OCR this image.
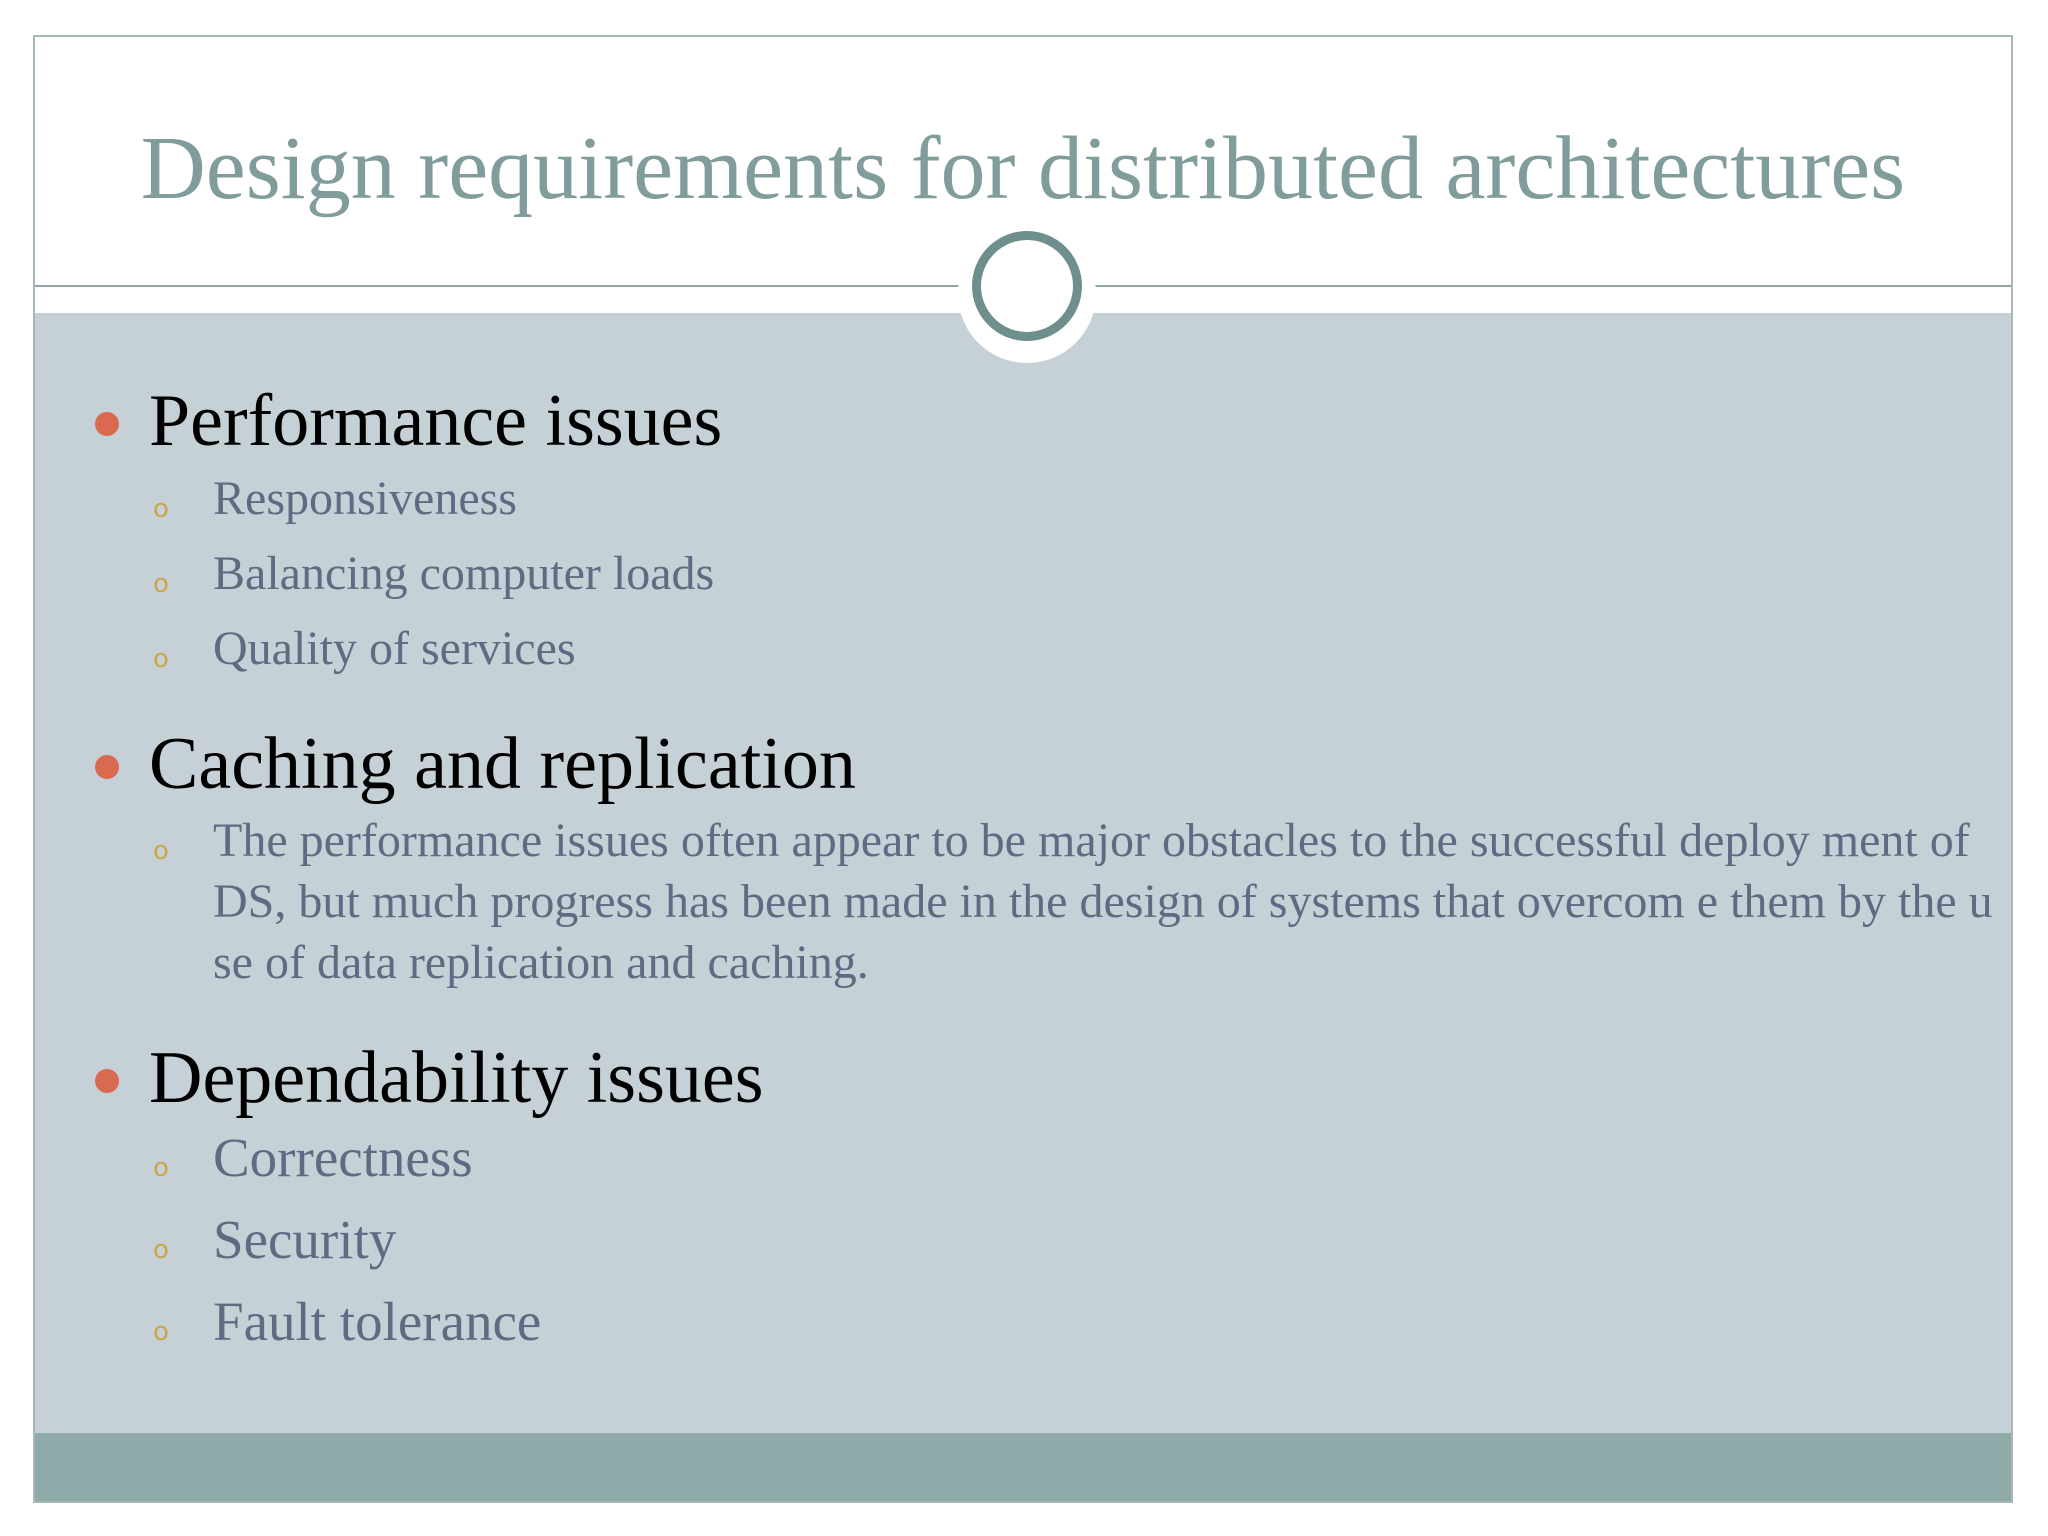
Design requirements for distributed architectures
Performance issues
o Responsiveness
o Balancing computer loads
o Quality of services
Caching and replication
o The performance issues often appear to be major obstacles to the successful deploy ment of DS, but much progress has been made in the design of systems that overcom e them by the use of data replication and caching.
Dependability issues
o Correctness
o Security
o Fault tolerance
